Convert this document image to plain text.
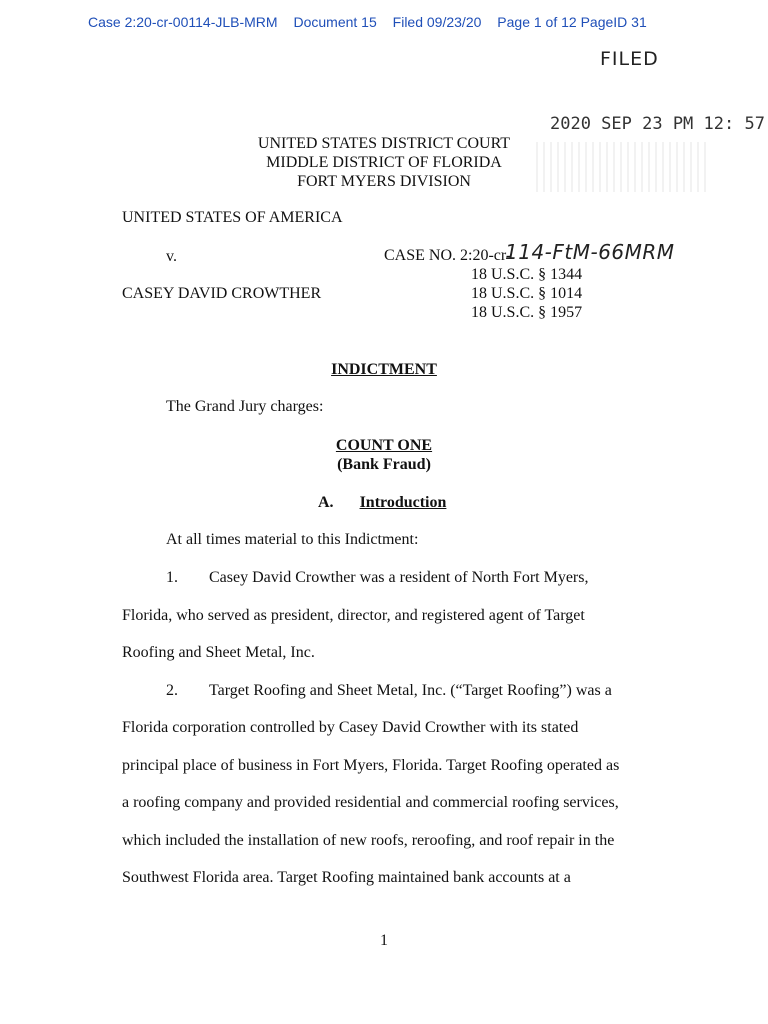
Case 2:20-cr-00114-JLB-MRM Document 15 Filed 09/23/20 Page 1 of 12 PageID 31
FILED
2020 SEP 23 PM 12: 57
UNITED STATES DISTRICT COURT
MIDDLE DISTRICT OF FLORIDA
FORT MYERS DIVISION
UNITED STATES OF AMERICA
v.
CASEY DAVID CROWTHER
CASE NO. 2:20-cr-
114-FtM-66MRM
18 U.S.C. § 1344
18 U.S.C. § 1014
18 U.S.C. § 1957
INDICTMENT
The Grand Jury charges:
COUNT ONE
(Bank Fraud)
A. Introduction
At all times material to this Indictment:
1. Casey David Crowther was a resident of North Fort Myers,
Florida, who served as president, director, and registered agent of Target
Roofing and Sheet Metal, Inc.
2. Target Roofing and Sheet Metal, Inc. (“Target Roofing”) was a
Florida corporation controlled by Casey David Crowther with its stated
principal place of business in Fort Myers, Florida. Target Roofing operated as
a roofing company and provided residential and commercial roofing services,
which included the installation of new roofs, reroofing, and roof repair in the
Southwest Florida area. Target Roofing maintained bank accounts at a
1
